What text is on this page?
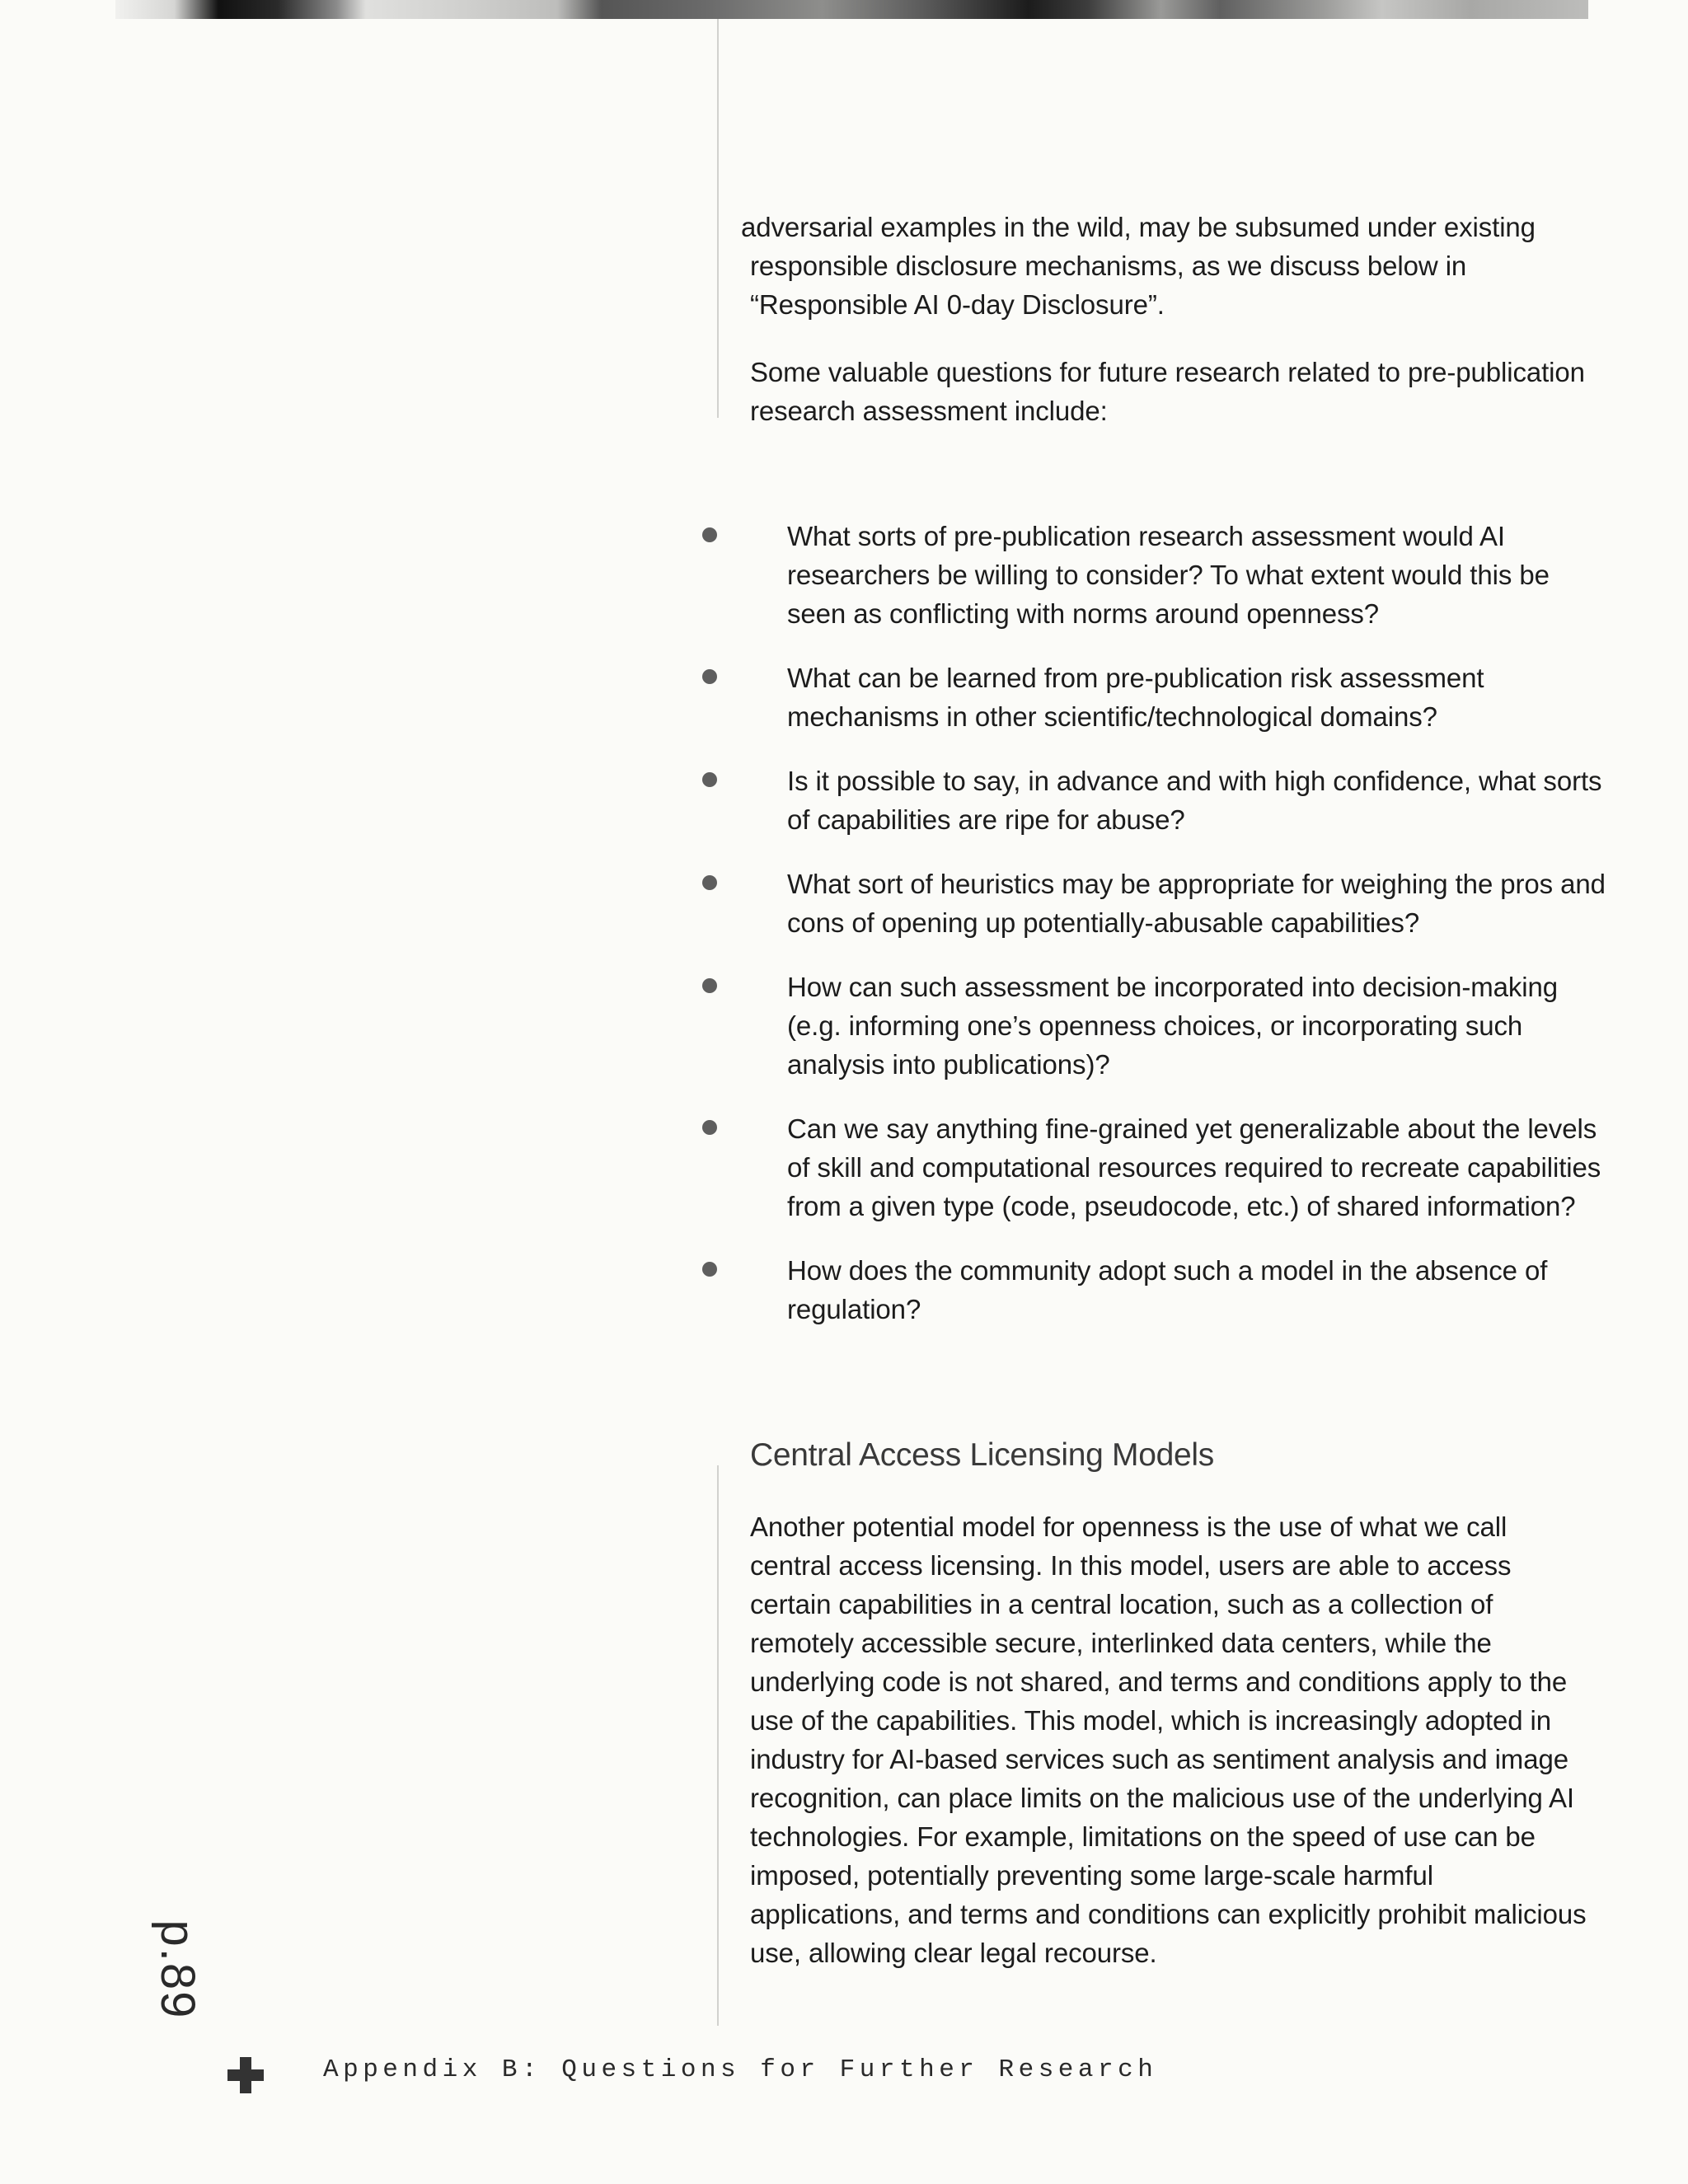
adversarial examples in the wild, may be subsumed under existing responsible disclosure mechanisms, as we discuss below in “Responsible AI 0-day Disclosure”.

Some valuable questions for future research related to pre-publication research assessment include:

What sorts of pre-publication research assessment would AI researchers be willing to consider? To what extent would this be seen as conflicting with norms around openness?
What can be learned from pre-publication risk assessment mechanisms in other scientific/technological domains?
Is it possible to say, in advance and with high confidence, what sorts of capabilities are ripe for abuse?
What sort of heuristics may be appropriate for weighing the pros and cons of opening up potentially-abusable capabilities?
How can such assessment be incorporated into decision-making (e.g. informing one’s openness choices, or incorporating such analysis into publications)?
Can we say anything fine-grained yet generalizable about the levels of skill and computational resources required to recreate capabilities from a given type (code, pseudocode, etc.) of shared information?
How does the community adopt such a model in the absence of regulation?
Central Access Licensing Models

Another potential model for openness is the use of what we call central access licensing. In this model, users are able to access certain capabilities in a central location, such as a collection of remotely accessible secure, interlinked data centers, while the underlying code is not shared, and terms and conditions apply to the use of the capabilities. This model, which is increasingly adopted in industry for AI-based services such as sentiment analysis and image recognition, can place limits on the malicious use of the underlying AI technologies. For example, limitations on the speed of use can be imposed, potentially preventing some large-scale harmful applications, and terms and conditions can explicitly prohibit malicious use, allowing clear legal recourse.

p.89
Appendix B: Questions for Further Research
